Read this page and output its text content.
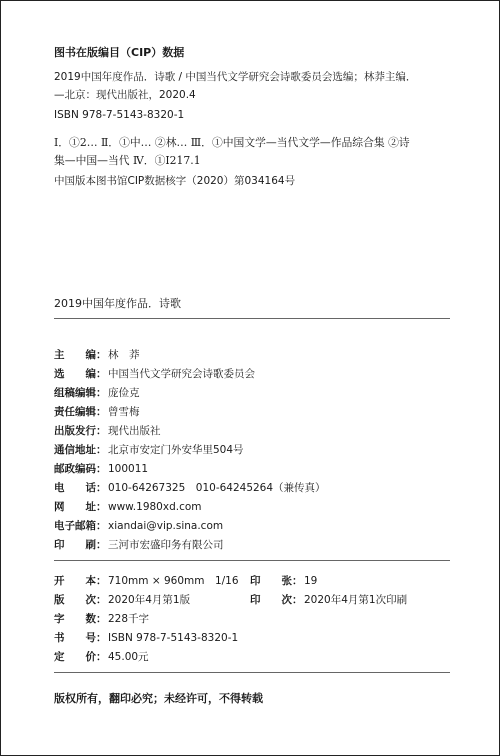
图书在版编目（CIP）数据
2019中国年度作品．诗歌 / 中国当代文学研究会诗歌委员会选编；林莽主编．
—北京：现代出版社，2020.4
ISBN 978-7-5143-8320-1
Ⅰ．①2… Ⅱ．①中… ②林… Ⅲ．①中国文学—当代文学—作品综合集 ②诗
集—中国—当代 Ⅳ．①I217.1
中国版本图书馆CIP数据核字（2020）第034164号
2019中国年度作品．诗歌
主　　编： 林　莽
选　　编： 中国当代文学研究会诗歌委员会
组稿编辑： 庞俭克
责任编辑： 曾雪梅
出版发行： 现代出版社
通信地址： 北京市安定门外安华里504号
邮政编码： 100011
电　　话： 010-64267325　010-64245264（兼传真）
网　　址： www.1980xd.com
电子邮箱： xiandai@vip.sina.com
印　　刷： 三河市宏盛印务有限公司
开　　本： 710mm × 960mm　1/16 印　　张： 19
版　　次： 2020年4月第1版	印　　次： 2020年4月第1次印刷
字　　数： 228千字
书　　号： ISBN 978-7-5143-8320-1
定　　价： 45.00元
版权所有，翻印必究；未经许可，不得转载
